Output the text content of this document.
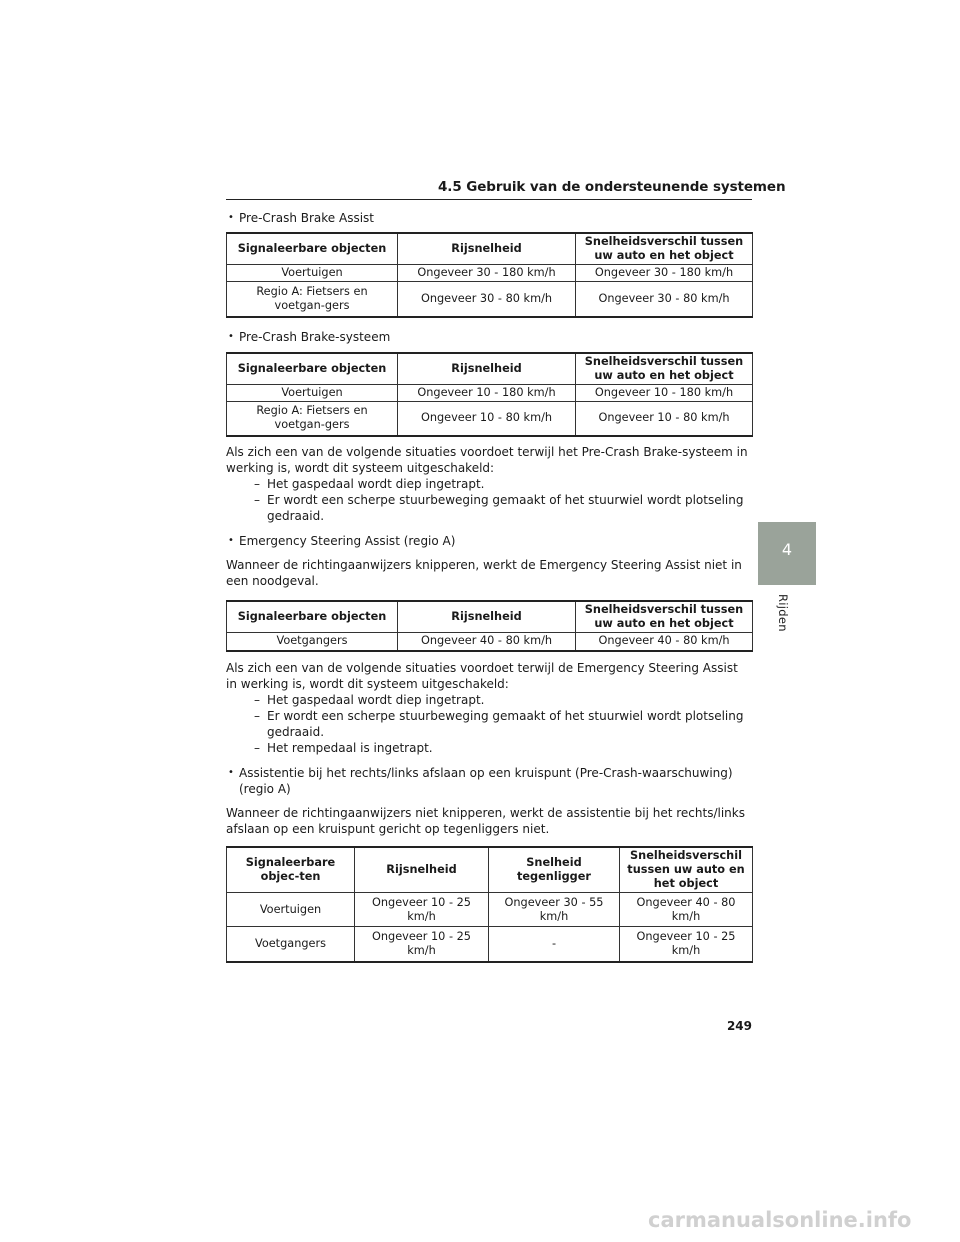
4.5 Gebruik van de ondersteunende systemen
4
Rijden

• Pre-Crash Brake Assist

Signaleerbare objecten	Rijsnelheid	Snelheidsverschil tussen uw auto en het object
Voertuigen	Ongeveer 30 - 180 km/h	Ongeveer 30 - 180 km/h
Regio A: Fietsers en voetgan-gers	Ongeveer 30 - 80 km/h	Ongeveer 30 - 80 km/h

• Pre-Crash Brake-systeem

Signaleerbare objecten	Rijsnelheid	Snelheidsverschil tussen uw auto en het object
Voertuigen	Ongeveer 10 - 180 km/h	Ongeveer 10 - 180 km/h
Regio A: Fietsers en voetgan-gers	Ongeveer 10 - 80 km/h	Ongeveer 10 - 80 km/h

Als zich een van de volgende situaties voordoet terwijl het Pre-Crash Brake-systeem in werking is, wordt dit systeem uitgeschakeld:

– Het gaspedaal wordt diep ingetrapt.

– Er wordt een scherpe stuurbeweging gemaakt of het stuurwiel wordt plotseling gedraaid.

• Emergency Steering Assist (regio A)

Wanneer de richtingaanwijzers knipperen, werkt de Emergency Steering Assist niet in een noodgeval.

Signaleerbare objecten	Rijsnelheid	Snelheidsverschil tussen uw auto en het object
Voetgangers	Ongeveer 40 - 80 km/h	Ongeveer 40 - 80 km/h

Als zich een van de volgende situaties voordoet terwijl de Emergency Steering Assist in werking is, wordt dit systeem uitgeschakeld:

– Het gaspedaal wordt diep ingetrapt.

– Er wordt een scherpe stuurbeweging gemaakt of het stuurwiel wordt plotseling gedraaid.

– Het rempedaal is ingetrapt.

• Assistentie bij het rechts/links afslaan op een kruispunt (Pre-Crash-waarschuwing) (regio A)

Wanneer de richtingaanwijzers niet knipperen, werkt de assistentie bij het rechts/links afslaan op een kruispunt gericht op tegenliggers niet.

Signaleerbare objec-ten	Rijsnelheid	Snelheid tegenligger	Snelheidsverschil tussen uw auto en het object
Voertuigen	Ongeveer 10 - 25 km/h	Ongeveer 30 - 55 km/h	Ongeveer 40 - 80 km/h
Voetgangers	Ongeveer 10 - 25 km/h	-	Ongeveer 10 - 25 km/h
249
carmanualsonline.info
